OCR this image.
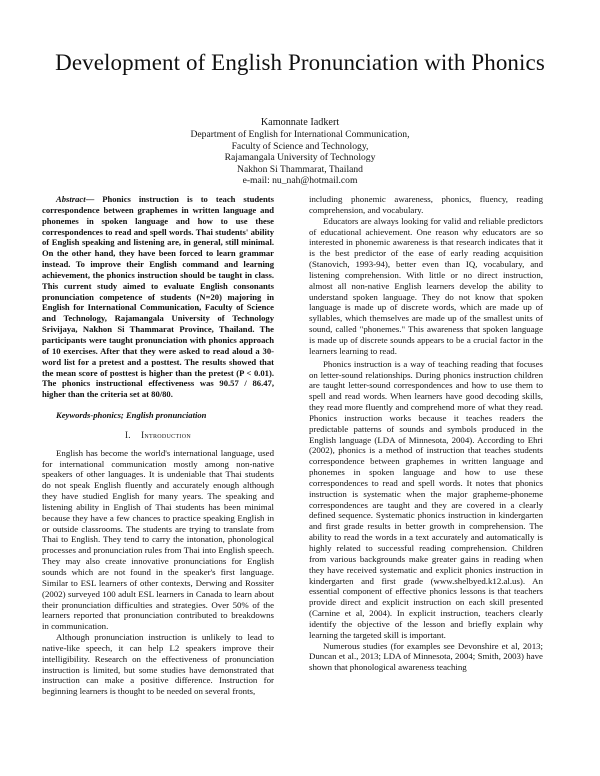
Development of English Pronunciation with Phonics
Kamonnate Iadkert
Department of English for International Communication,
Faculty of Science and Technology,
Rajamangala University of Technology
Nakhon Si Thammarat, Thailand
e-mail: nu_nah@hotmail.com

Abstract— Phonics instruction is to teach students correspondence between graphemes in written language and phonemes in spoken language and how to use these correspondences to read and spell words. Thai students' ability of English speaking and listening are, in general, still minimal. On the other hand, they have been forced to learn grammar instead. To improve their English command and learning achievement, the phonics instruction should be taught in class. This current study aimed to evaluate English consonants pronunciation competence of students (N=20) majoring in English for International Communication, Faculty of Science and Technology, Rajamangala University of Technology Srivijaya, Nakhon Si Thammarat Province, Thailand. The participants were taught pronunciation with phonics approach of 10 exercises. After that they were asked to read aloud a 30-word list for a pretest and a posttest. The results showed that the mean score of posttest is higher than the pretest (P < 0.01). The phonics instructional effectiveness was 90.57 / 86.47, higher than the criteria set at 80/80.

Keywords-phonics; English pronunciation

I. Introduction

English has become the world's international language, used for international communication mostly among non-native speakers of other languages. It is undeniable that Thai students do not speak English fluently and accurately enough although they have studied English for many years. The speaking and listening ability in English of Thai students has been minimal because they have a few chances to practice speaking English in or outside classrooms. The students are trying to translate from Thai to English. They tend to carry the intonation, phonological processes and pronunciation rules from Thai into English speech. They may also create innovative pronunciations for English sounds which are not found in the speaker's first language. Similar to ESL learners of other contexts, Derwing and Rossiter (2002) surveyed 100 adult ESL learners in Canada to learn about their pronunciation difficulties and strategies. Over 50% of the learners reported that pronunciation contributed to breakdowns in communication.

Although pronunciation instruction is unlikely to lead to native-like speech, it can help L2 speakers improve their intelligibility. Research on the effectiveness of pronunciation instruction is limited, but some studies have demonstrated that instruction can make a positive difference. Instruction for beginning learners is thought to be needed on several fronts,

including phonemic awareness, phonics, fluency, reading comprehension, and vocabulary.

Educators are always looking for valid and reliable predictors of educational achievement. One reason why educators are so interested in phonemic awareness is that research indicates that it is the best predictor of the ease of early reading acquisition (Stanovich, 1993-94), better even than IQ, vocabulary, and listening comprehension. With little or no direct instruction, almost all non-native English learners develop the ability to understand spoken language. They do not know that spoken language is made up of discrete words, which are made up of syllables, which themselves are made up of the smallest units of sound, called "phonemes." This awareness that spoken language is made up of discrete sounds appears to be a crucial factor in the learners learning to read.

Phonics instruction is a way of teaching reading that focuses on letter-sound relationships. During phonics instruction children are taught letter-sound correspondences and how to use them to spell and read words. When learners have good decoding skills, they read more fluently and comprehend more of what they read. Phonics instruction works because it teaches readers the predictable patterns of sounds and symbols produced in the English language (LDA of Minnesota, 2004). According to Ehri (2002), phonics is a method of instruction that teaches students correspondence between graphemes in written language and phonemes in spoken language and how to use these correspondences to read and spell words. It notes that phonics instruction is systematic when the major grapheme-phoneme correspondences are taught and they are covered in a clearly defined sequence. Systematic phonics instruction in kindergarten and first grade results in better growth in comprehension. The ability to read the words in a text accurately and automatically is highly related to successful reading comprehension. Children from various backgrounds make greater gains in reading when they have received systematic and explicit phonics instruction in kindergarten and first grade (www.shelbyed.k12.al.us). An essential component of effective phonics lessons is that teachers provide direct and explicit instruction on each skill presented (Carnine et al, 2004). In explicit instruction, teachers clearly identify the objective of the lesson and briefly explain why learning the targeted skill is important.

Numerous studies (for examples see Devonshire et al, 2013; Duncan et al., 2013; LDA of Minnesota, 2004; Smith, 2003) have shown that phonological awareness teaching
